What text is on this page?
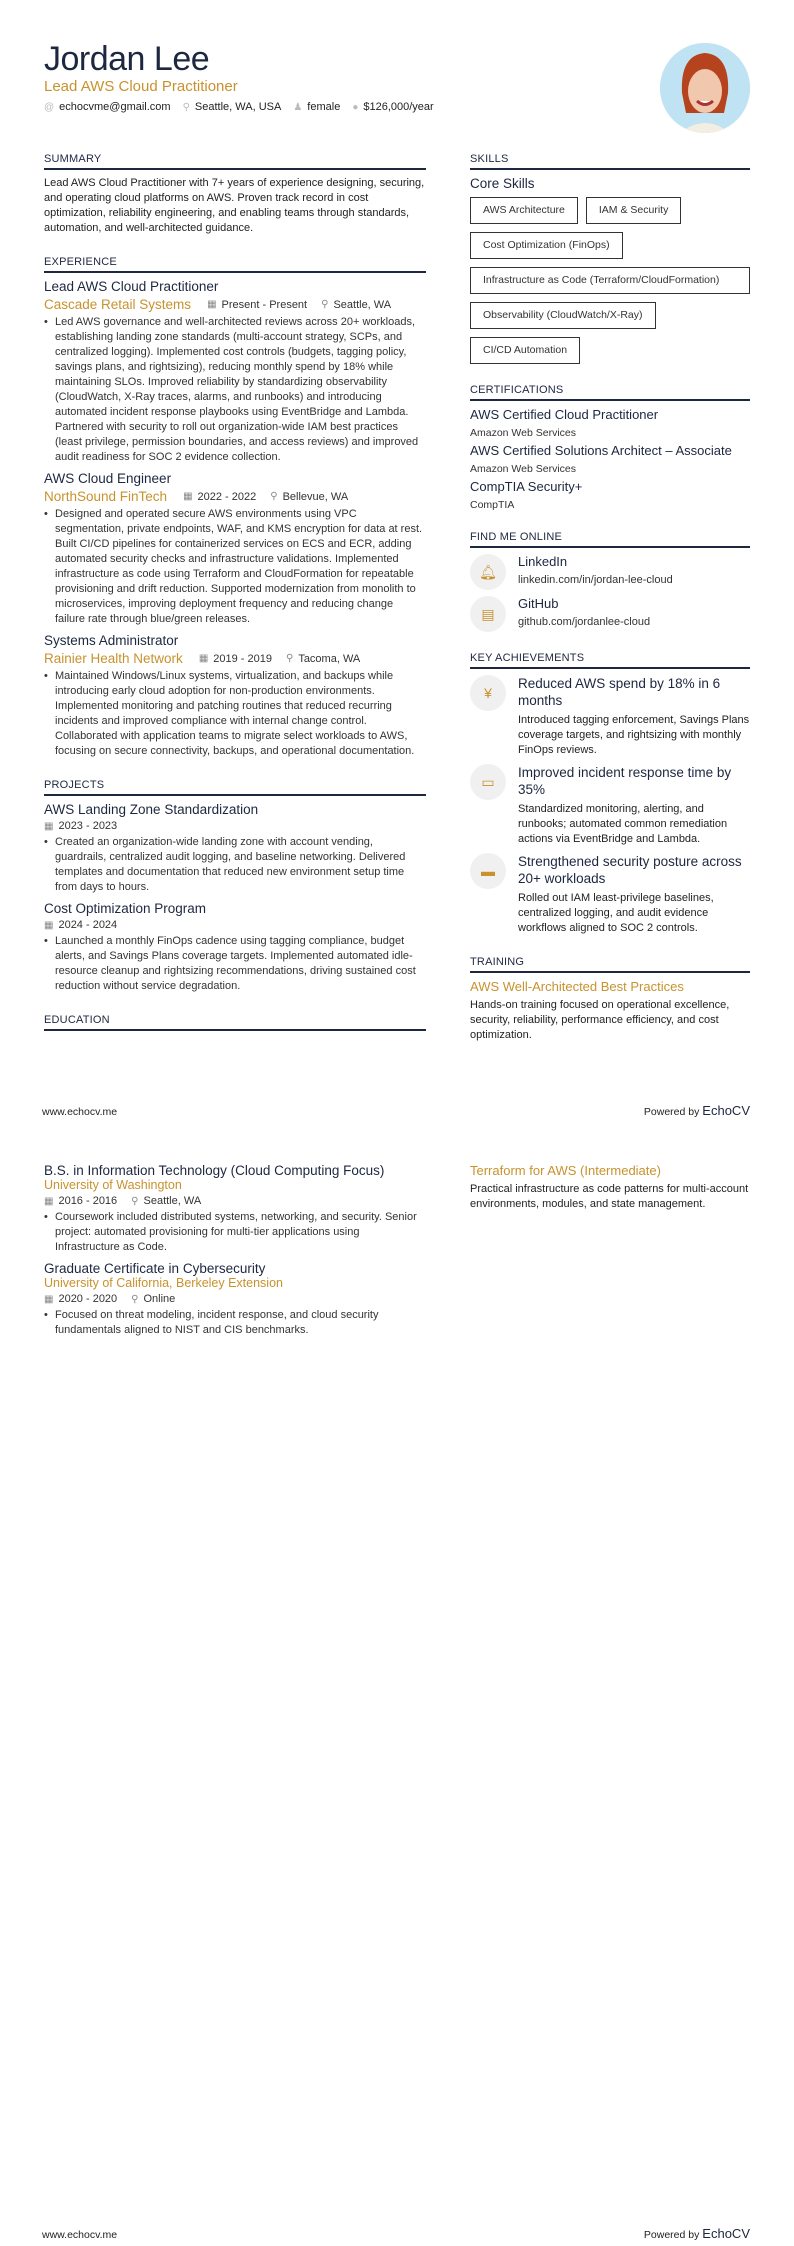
Jordan Lee
Lead AWS Cloud Practitioner
@ echocvme@gmail.com ⚲ Seattle, WA, USA ♟ female ● $126,000/year
SUMMARY

Lead AWS Cloud Practitioner with 7+ years of experience designing, securing, and operating cloud platforms on AWS. Proven track record in cost optimization, reliability engineering, and enabling teams through standards, automation, and well-architected guidance.

EXPERIENCE
Lead AWS Cloud Practitioner
Cascade Retail Systems ▦ Present - Present ⚲ Seattle, WA
• Led AWS governance and well-architected reviews across 20+ workloads, establishing landing zone standards (multi-account strategy, SCPs, and centralized logging). Implemented cost controls (budgets, tagging policy, savings plans, and rightsizing), reducing monthly spend by 18% while maintaining SLOs. Improved reliability by standardizing observability (CloudWatch, X-Ray traces, alarms, and runbooks) and introducing automated incident response playbooks using EventBridge and Lambda. Partnered with security to roll out organization-wide IAM best practices (least privilege, permission boundaries, and access reviews) and improved audit readiness for SOC 2 evidence collection.
AWS Cloud Engineer
NorthSound FinTech ▦ 2022 - 2022 ⚲ Bellevue, WA
• Designed and operated secure AWS environments using VPC segmentation, private endpoints, WAF, and KMS encryption for data at rest. Built CI/CD pipelines for containerized services on ECS and ECR, adding automated security checks and infrastructure validations. Implemented infrastructure as code using Terraform and CloudFormation for repeatable provisioning and drift reduction. Supported modernization from monolith to microservices, improving deployment frequency and reducing change failure rate through blue/green releases.
Systems Administrator
Rainier Health Network ▦ 2019 - 2019 ⚲ Tacoma, WA
• Maintained Windows/Linux systems, virtualization, and backups while introducing early cloud adoption for non-production environments. Implemented monitoring and patching routines that reduced recurring incidents and improved compliance with internal change control. Collaborated with application teams to migrate select workloads to AWS, focusing on secure connectivity, backups, and operational documentation.
PROJECTS
AWS Landing Zone Standardization
▦ 2023 - 2023
• Created an organization-wide landing zone with account vending, guardrails, centralized audit logging, and baseline networking. Delivered templates and documentation that reduced new environment setup time from days to hours.
Cost Optimization Program
▦ 2024 - 2024
• Launched a monthly FinOps cadence using tagging compliance, budget alerts, and Savings Plans coverage targets. Implemented automated idle-resource cleanup and rightsizing recommendations, driving sustained cost reduction without service degradation.
EDUCATION
SKILLS
Core Skills
AWS Architecture	IAM & Security
Cost Optimization (FinOps)
Infrastructure as Code (Terraform/CloudFormation)
Observability (CloudWatch/X-Ray)
CI/CD Automation
CERTIFICATIONS
AWS Certified Cloud Practitioner
Amazon Web Services
AWS Certified Solutions Architect – Associate
Amazon Web Services
CompTIA Security+
CompTIA
FIND ME ONLINE
🔔︎
LinkedIn
linkedin.com/in/jordan-lee-cloud
▤
GitHub
github.com/jordanlee-cloud
KEY ACHIEVEMENTS
¥
Reduced AWS spend by 18% in 6 months
Introduced tagging enforcement, Savings Plans coverage targets, and rightsizing with monthly FinOps reviews.
▭
Improved incident response time by 35%
Standardized monitoring, alerting, and runbooks; automated common remediation actions via EventBridge and Lambda.
▬
Strengthened security posture across 20+ workloads
Rolled out IAM least-privilege baselines, centralized logging, and audit evidence workflows aligned to SOC 2 controls.
TRAINING
AWS Well-Architected Best Practices
Hands-on training focused on operational excellence, security, reliability, performance efficiency, and cost optimization.
www.echocv.me	Powered by EchoCV
B.S. in Information Technology (Cloud Computing Focus)
University of Washington
▦ 2016 - 2016 ⚲ Seattle, WA
• Coursework included distributed systems, networking, and security. Senior project: automated provisioning for multi-tier applications using Infrastructure as Code.
Graduate Certificate in Cybersecurity
University of California, Berkeley Extension
▦ 2020 - 2020 ⚲ Online
• Focused on threat modeling, incident response, and cloud security fundamentals aligned to NIST and CIS benchmarks.
Terraform for AWS (Intermediate)
Practical infrastructure as code patterns for multi-account environments, modules, and state management.
www.echocv.me	Powered by EchoCV
